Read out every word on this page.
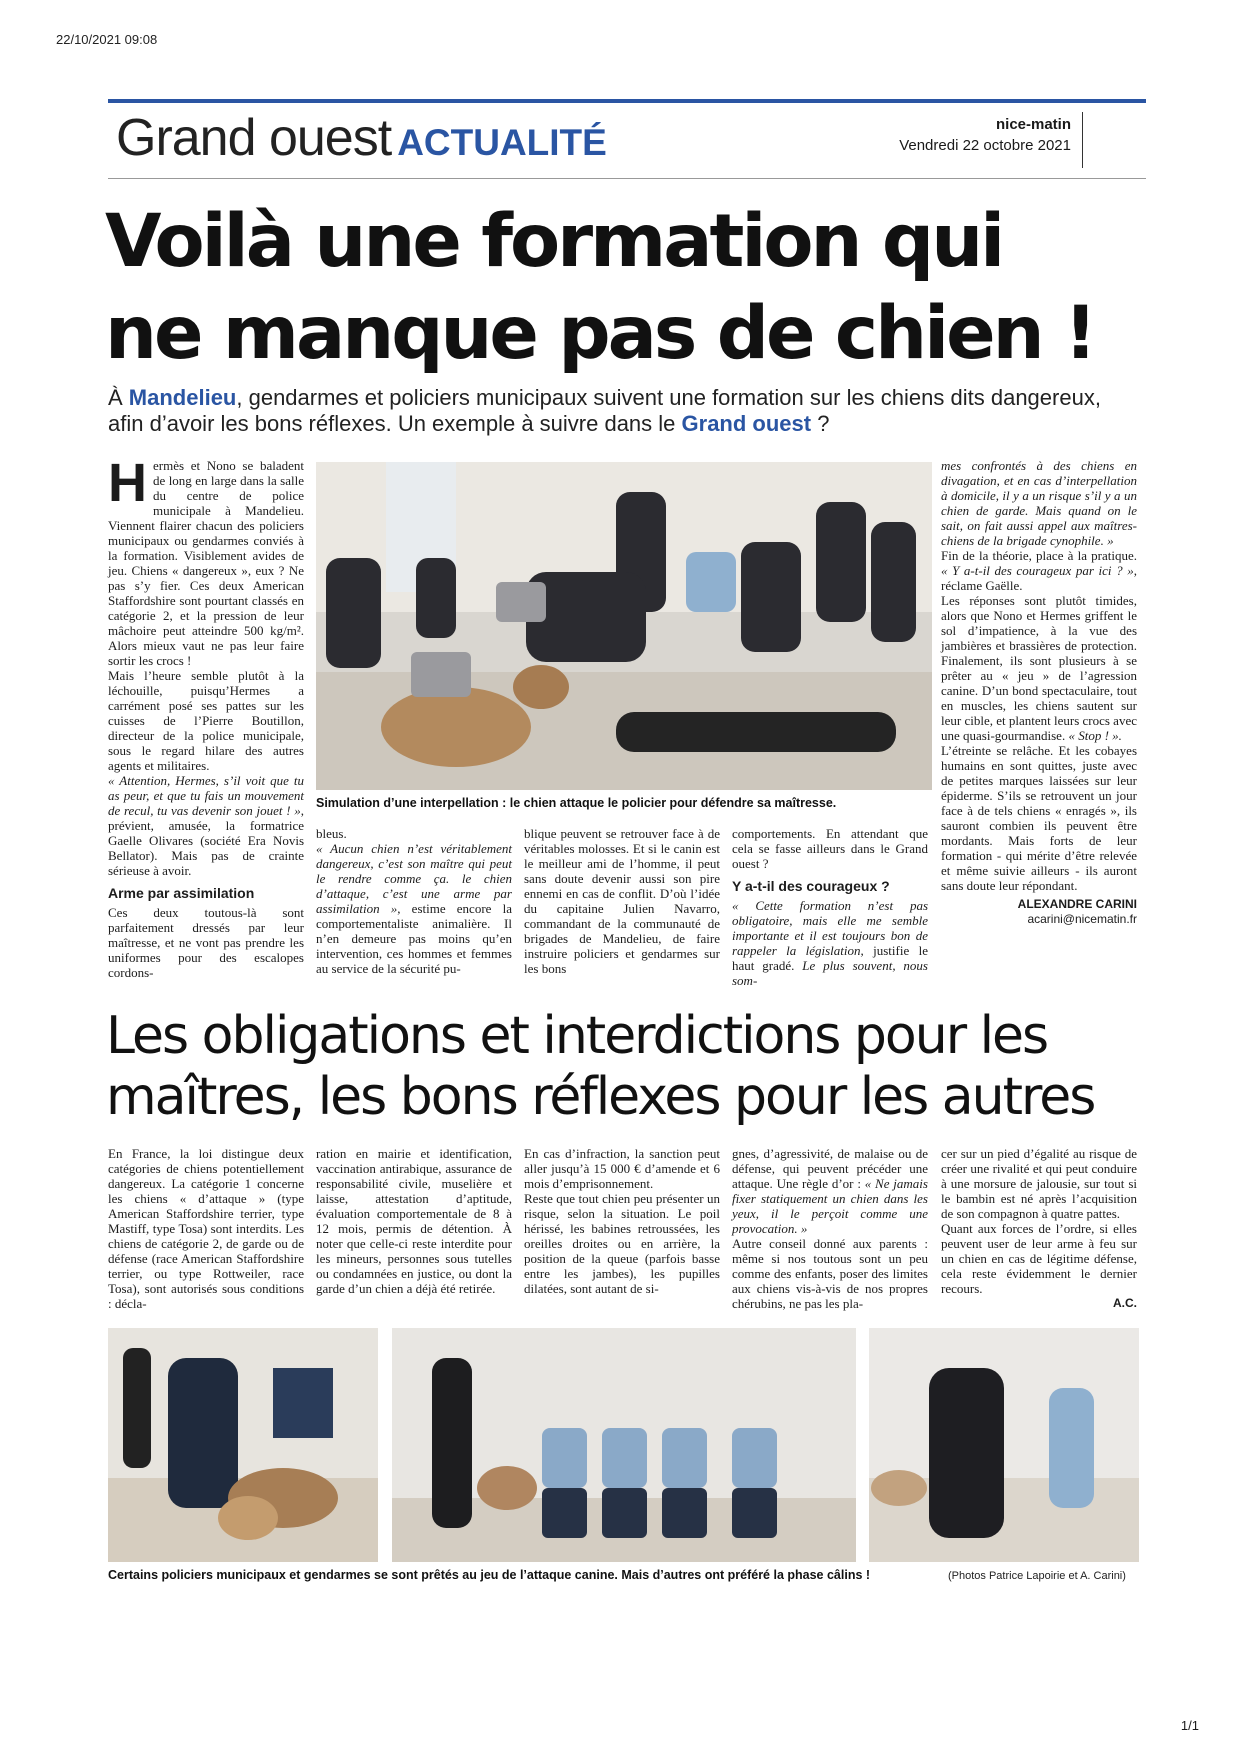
22/10/2021 09:08
Grand ouest ACTUALITÉ	nice-matin
Vendredi 22 octobre 2021
Voilà une formation qui
ne manque pas de chien !
À Mandelieu, gendarmes et policiers municipaux suivent une formation sur les chiens dits dangereux, afin d’avoir les bons réflexes. Un exemple à suivre dans le Grand ouest ?

Hermès et Nono se baladent de long en large dans la salle du centre de police municipale à Mandelieu. Viennent flairer chacun des policiers municipaux ou gendarmes conviés à la formation. Visiblement avides de jeu. Chiens « dangereux », eux ? Ne pas s’y fier. Ces deux American Staffordshire sont pourtant classés en catégorie 2, et la pression de leur mâchoire peut atteindre 500 kg/m². Alors mieux vaut ne pas leur faire sortir les crocs !

Mais l’heure semble plutôt à la léchouille, puisqu’Hermes a carrément posé ses pattes sur les cuisses de l’Pierre Boutillon, directeur de la police municipale, sous le regard hilare des autres agents et militaires.

« Attention, Hermes, s’il voit que tu as peur, et que tu fais un mouvement de recul, tu vas devenir son jouet ! », prévient, amusée, la formatrice Gaelle Olivares (société Era Novis Bellator). Mais pas de crainte sérieuse à avoir.

Arme par assimilation

Ces deux toutous-là sont parfaitement dressés par leur maîtresse, et ne vont pas prendre les uniformes pour des escalopes cordons-

Simulation d’une interpellation : le chien attaque le policier pour défendre sa maîtresse.

bleus.

« Aucun chien n’est véritablement dangereux, c’est son maître qui peut le rendre comme ça. le chien d’attaque, c’est une arme par assimilation », estime encore la comportementaliste animalière. Il n’en demeure pas moins qu’en intervention, ces hommes et femmes au service de la sécurité pu-

blique peuvent se retrouver face à de véritables molosses. Et si le canin est le meilleur ami de l’homme, il peut sans doute devenir aussi son pire ennemi en cas de conflit. D’où l’idée du capitaine Julien Navarro, commandant de la communauté de brigades de Mandelieu, de faire instruire policiers et gendarmes sur les bons

comportements. En attendant que cela se fasse ailleurs dans le Grand ouest ?

Y a-t-il des courageux ?

« Cette formation n’est pas obligatoire, mais elle me semble importante et il est toujours bon de rappeler la législation, justifie le haut gradé. Le plus souvent, nous som-

mes confrontés à des chiens en divagation, et en cas d’interpellation à domicile, il y a un risque s’il y a un chien de garde. Mais quand on le sait, on fait aussi appel aux maîtres-chiens de la brigade cynophile. »

Fin de la théorie, place à la pratique. « Y a-t-il des courageux par ici ? », réclame Gaëlle.

Les réponses sont plutôt timides, alors que Nono et Hermes griffent le sol d’impatience, à la vue des jambières et brassières de protection. Finalement, ils sont plusieurs à se prêter au « jeu » de l’agression canine. D’un bond spectaculaire, tout en muscles, les chiens sautent sur leur cible, et plantent leurs crocs avec une quasi-gourmandise. « Stop ! ».

L’étreinte se relâche. Et les cobayes humains en sont quittes, juste avec de petites marques laissées sur leur épiderme. S’ils se retrouvent un jour face à de tels chiens « enragés », ils sauront combien ils peuvent être mordants. Mais forts de leur formation - qui mérite d’être relevée et même suivie ailleurs - ils auront sans doute leur répondant.

ALEXANDRE CARINI
acarini@nicematin.fr
Les obligations et interdictions pour les
maîtres, les bons réflexes pour les autres

En France, la loi distingue deux catégories de chiens potentiellement dangereux. La catégorie 1 concerne les chiens « d’attaque » (type American Staffordshire terrier, type Mastiff, type Tosa) sont interdits. Les chiens de catégorie 2, de garde ou de défense (race American Staffordshire terrier, ou type Rottweiler, race Tosa), sont autorisés sous conditions : décla-

ration en mairie et identification, vaccination antirabique, assurance de responsabilité civile, muselière et laisse, attestation d’aptitude, évaluation comportementale de 8 à 12 mois, permis de détention. À noter que celle-ci reste interdite pour les mineurs, personnes sous tutelles ou condamnées en justice, ou dont la garde d’un chien a déjà été retirée.

En cas d’infraction, la sanction peut aller jusqu’à 15 000 € d’amende et 6 mois d’emprisonnement.

Reste que tout chien peu présenter un risque, selon la situation. Le poil hérissé, les babines retroussées, les oreilles droites ou en arrière, la position de la queue (parfois basse entre les jambes), les pupilles dilatées, sont autant de si-

gnes, d’agressivité, de malaise ou de défense, qui peuvent précéder une attaque. Une règle d’or : « Ne jamais fixer statiquement un chien dans les yeux, il le perçoit comme une provocation. »

Autre conseil donné aux parents : même si nos toutous sont un peu comme des enfants, poser des limites aux chiens vis-à-vis de nos propres chérubins, ne pas les pla-

cer sur un pied d’égalité au risque de créer une rivalité et qui peut conduire à une morsure de jalousie, sur tout si le bambin est né après l’acquisition de son compagnon à quatre pattes.

Quant aux forces de l’ordre, si elles peuvent user de leur arme à feu sur un chien en cas de légitime défense, cela reste évidemment le dernier recours.

A.C.
Certains policiers municipaux et gendarmes se sont prêtés au jeu de l’attaque canine. Mais d’autres ont préféré la phase câlins !	(Photos Patrice Lapoirie et A. Carini)
1/1
